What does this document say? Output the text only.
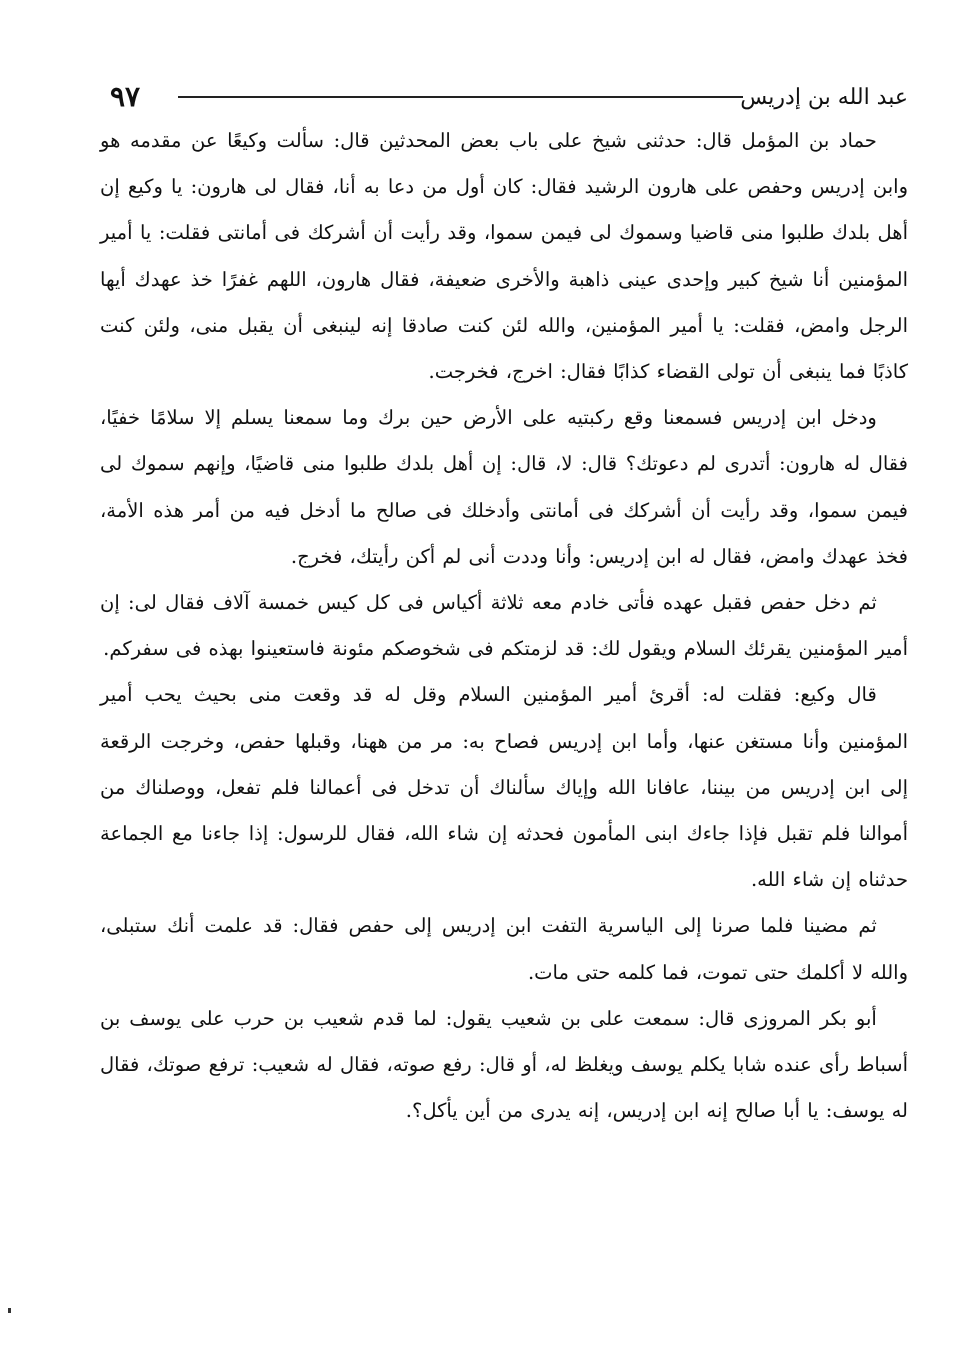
٩٧	عبد الله بن إدريس

حماد بن المؤمل قال: حدثنى شيخ على باب بعض المحدثين قال: سألت وكيعًا عن مقدمه هو وابن إدريس وحفص على هارون الرشيد فقال: كان أول من دعا به أنا، فقال لى هارون: يا وكيع إن أهل بلدك طلبوا منى قاضيا وسموك لى فيمن سموا، وقد رأيت أن أشركك فى أمانتى فقلت: يا أمير المؤمنين أنا شيخ كبير وإحدى عينى ذاهبة والأخرى ضعيفة، فقال هارون، اللهم غفرًا خذ عهدك أيها الرجل وامض، فقلت: يا أمير المؤمنين، والله لئن كنت صادقا إنه لينبغى أن يقبل منى، ولئن كنت كاذبًا فما ينبغى أن تولى القضاء كذابًا فقال: اخرج، فخرجت.

ودخل ابن إدريس فسمعنا وقع ركبتيه على الأرض حين برك وما سمعنا يسلم إلا سلامًا خفيًا، فقال له هارون: أتدرى لم دعوتك؟ قال: لا، قال: إن أهل بلدك طلبوا منى قاضيًا، وإنهم سموك لى فيمن سموا، وقد رأيت أن أشركك فى أمانتى وأدخلك فى صالح ما أدخل فيه من أمر هذه الأمة، فخذ عهدك وامض، فقال له ابن إدريس: وأنا وددت أنى لم أكن رأيتك، فخرج.

ثم دخل حفص فقبل عهده فأتى خادم معه ثلاثة أكياس فى كل كيس خمسة آلاف فقال لى: إن أمير المؤمنين يقرئك السلام ويقول لك: قد لزمتكم فى شخوصكم مئونة فاستعينوا بهذه فى سفركم.

قال وكيع: فقلت له: أقرئ أمير المؤمنين السلام وقل له قد وقعت منى بحيث يحب أمير المؤمنين وأنا مستغن عنها، وأما ابن إدريس فصاح به: مر من ههنا، وقبلها حفص، وخرجت الرقعة إلى ابن إدريس من بيننا، عافانا الله وإياك سألناك أن تدخل فى أعمالنا فلم تفعل، ووصلناك من أموالنا فلم تقبل فإذا جاءك ابنى المأمون فحدثه إن شاء الله، فقال للرسول: إذا جاءنا مع الجماعة حدثناه إن شاء الله.

ثم مضينا فلما صرنا إلى الياسرية التفت ابن إدريس إلى حفص فقال: قد علمت أنك ستبلى، والله لا أكلمك حتى تموت، فما كلمه حتى مات.

أبو بكر المروزى قال: سمعت على بن شعيب يقول: لما قدم شعيب بن حرب على يوسف بن أسباط رأى عنده شابا يكلم يوسف ويغلظ له، أو قال: رفع صوته، فقال له شعيب: ترفع صوتك، فقال له يوسف: يا أبا صالح إنه ابن إدريس، إنه يدرى من أين يأكل؟.
